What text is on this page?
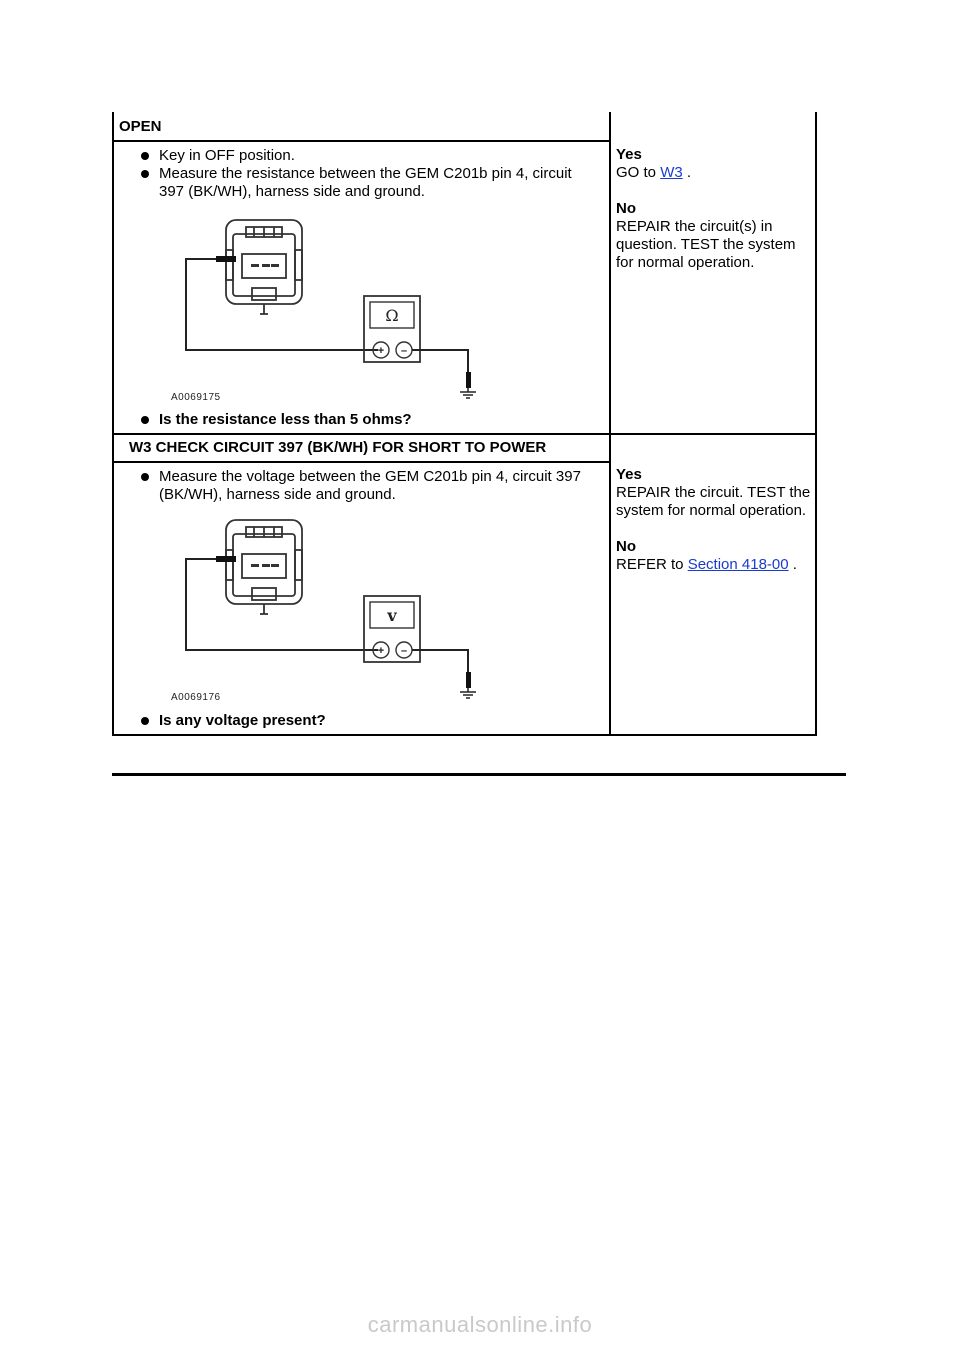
OPEN
Key in OFF position.
Measure the resistance between the GEM C201b pin 4, circuit 397 (BK/WH), harness side and ground.
Ω
+ –
A0069175
Is the resistance less than 5 ohms?

Yes

GO to W3 .

No

REPAIR the circuit(s) in question. TEST the system for normal operation.

W3 CHECK CIRCUIT 397 (BK/WH) FOR SHORT TO POWER
Measure the voltage between the GEM C201b pin 4, circuit 397 (BK/WH), harness side and ground.
v
+ –
A0069176
Is any voltage present?

Yes

REPAIR the circuit. TEST the system for normal operation.

No

REFER to Section 418-00 .

carmanualsonline.info
